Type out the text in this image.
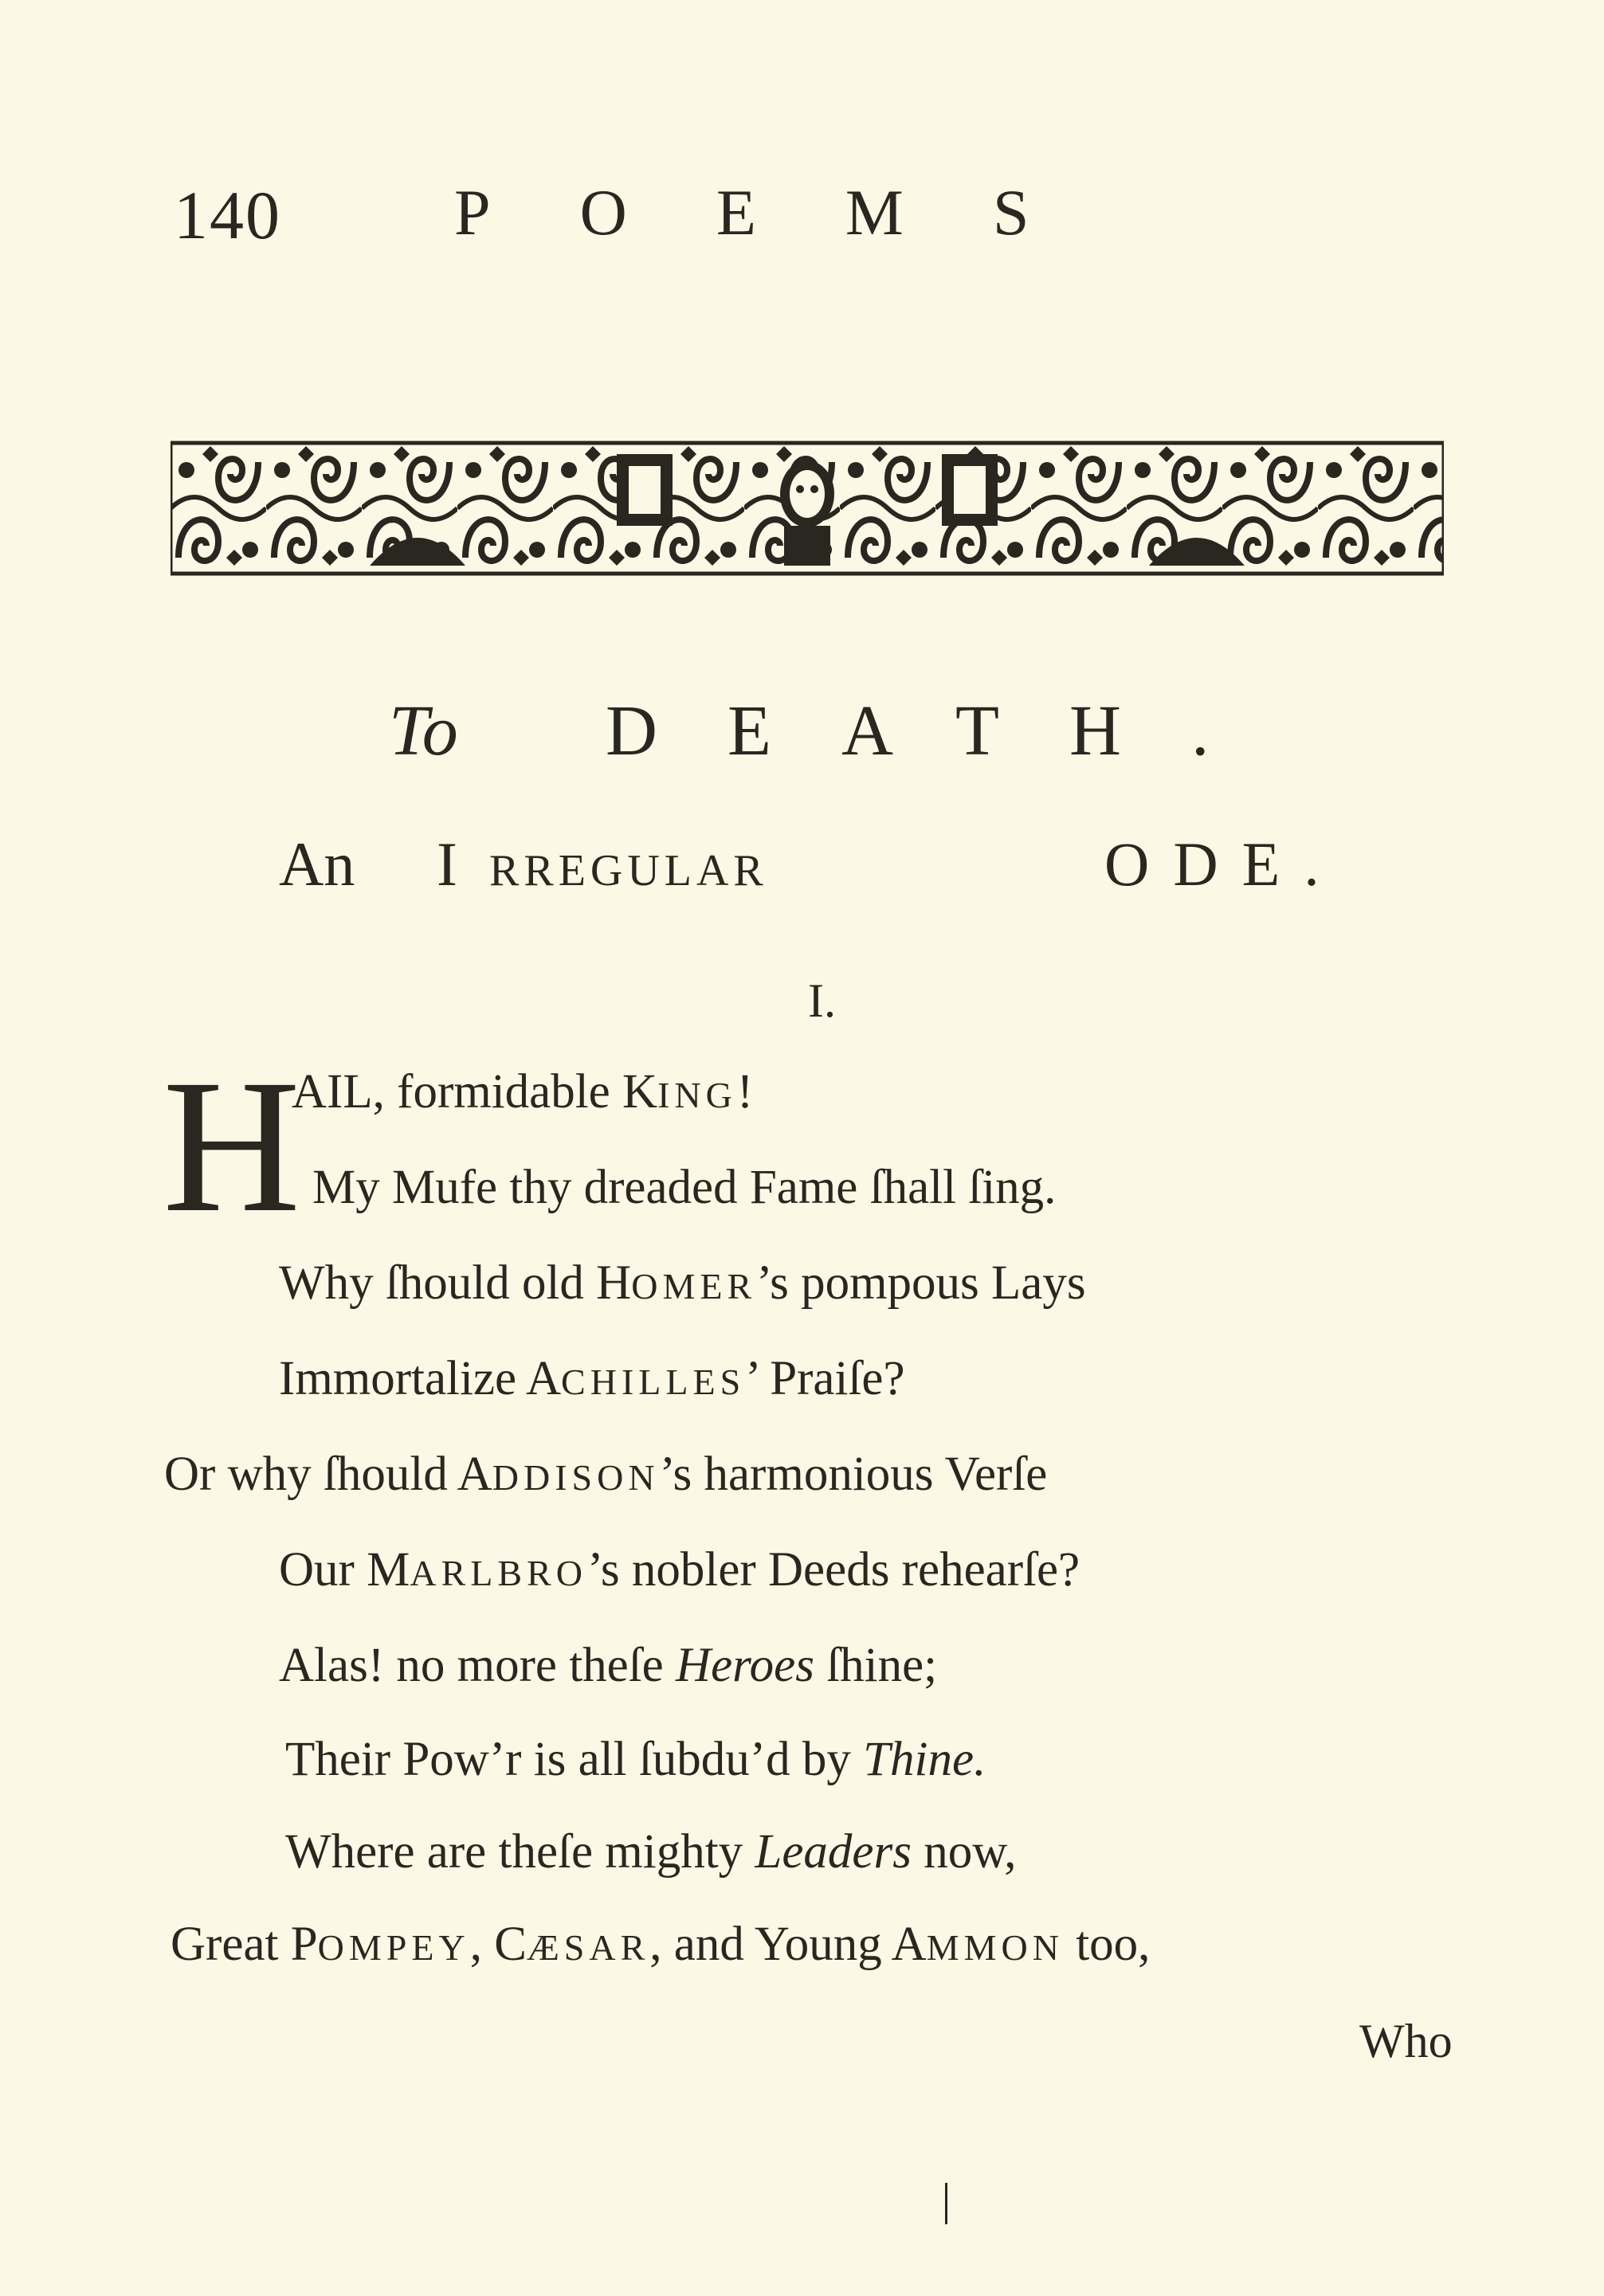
140	P O E M S
To DEATH.
An IRREGULAR	ODE.
I.
H
AIL, formidable KING!
My Mufe thy dreaded Fame ſhall ſing.
Why ſhould old HOMER’s pompous Lays
Immortalize ACHILLES’ Praiſe?
Or why ſhould ADDISON’s harmonious Verſe
Our MARLBRO’s nobler Deeds rehearſe?
Alas! no more theſe Heroes ſhine;
Their Pow’r is all ſubdu’d by Thine.
Where are theſe mighty Leaders now,
Great POMPEY, CÆSAR, and Young AMMON too,
Who
